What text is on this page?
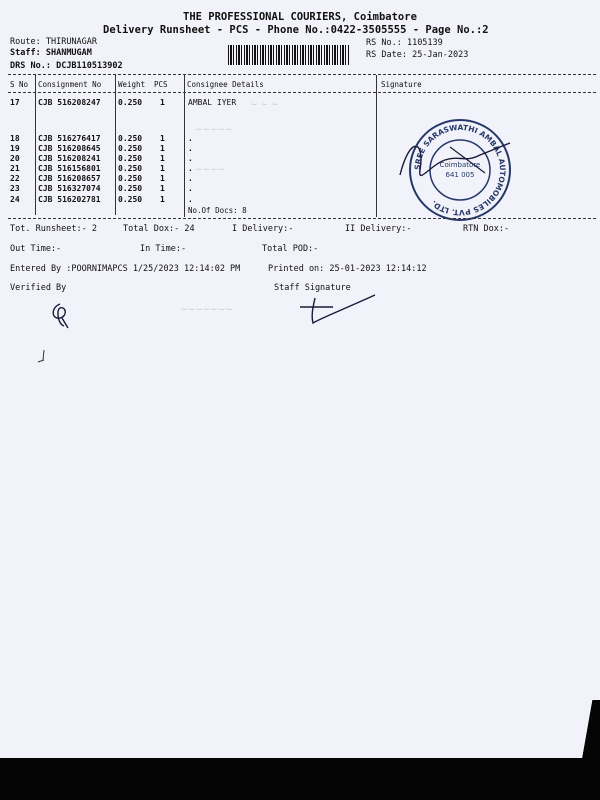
THE PROFESSIONAL COURIERS, Coimbatore
Delivery Runsheet - PCS - Phone No.:0422-3505555 - Page No.:2
Route: THIRUNAGAR
Staff: SHANMUGAM
DRS No.: DCJB110513902
RS No.: 1105139
RS Date: 25-Jan-2023
S No Consignment No Weight PCS	Consignee Details	Signature
17 CJB 516208247 0.250 1	AMBAL IYER
18 CJB 516276417 0.250 1	.
19 CJB 516208645 0.250 1	.
20 CJB 516208241 0.250 1	.
21 CJB 516156801 0.250 1	.
22 CJB 516208657 0.250 1	.
23 CJB 516327074 0.250 1	.
24 CJB 516202781 0.250 1	.
No.Of Docs: 8
~ ~ ~
~~~~~
~~~~
~~~~~~~
SREE SARASWATHI AMBAL AUTOMOBILES PVT. LTD.
Coimbatore
641 005
Tot. Runsheet:- 2	Total Dox:- 24	I Delivery:-	II Delivery:-	RTN Dox:-
Out Time:-	In Time:-	Total POD:-
Entered By :POORNIMAPCS 1/25/2023 12:14:02 PM	Printed on: 25-01-2023 12:14:12
Verified By	Staff Signature
